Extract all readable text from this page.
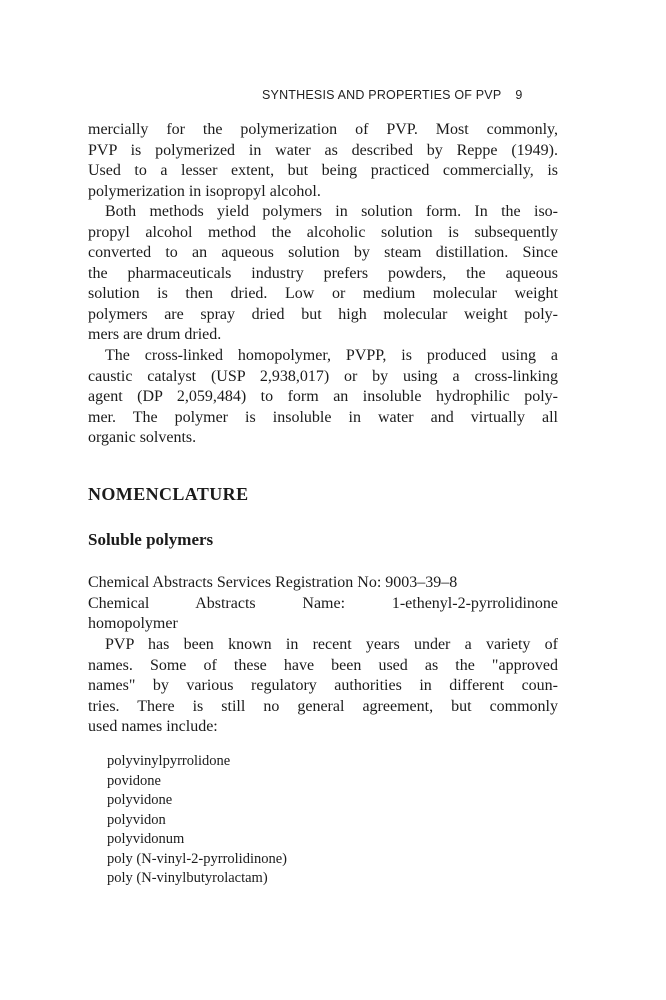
SYNTHESIS AND PROPERTIES OF PVP 9
mercially for the polymerization of PVP. Most commonly,
PVP is polymerized in water as described by Reppe (1949).
Used to a lesser extent, but being practiced commercially, is
polymerization in isopropyl alcohol.
Both methods yield polymers in solution form. In the iso-
propyl alcohol method the alcoholic solution is subsequently
converted to an aqueous solution by steam distillation. Since
the pharmaceuticals industry prefers powders, the aqueous
solution is then dried. Low or medium molecular weight
polymers are spray dried but high molecular weight poly-
mers are drum dried.
The cross-linked homopolymer, PVPP, is produced using a
caustic catalyst (USP 2,938,017) or by using a cross-linking
agent (DP 2,059,484) to form an insoluble hydrophilic poly-
mer. The polymer is insoluble in water and virtually all
organic solvents.
NOMENCLATURE
Soluble polymers
Chemical Abstracts Services Registration No: 9003–39–8
Chemical Abstracts Name: 1-ethenyl-2-pyrrolidinone
homopolymer
PVP has been known in recent years under a variety of
names. Some of these have been used as the "approved
names" by various regulatory authorities in different coun-
tries. There is still no general agreement, but commonly
used names include:
polyvinylpyrrolidone
povidone
polyvidone
polyvidon
polyvidonum
poly (N-vinyl-2-pyrrolidinone)
poly (N-vinylbutyrolactam)
